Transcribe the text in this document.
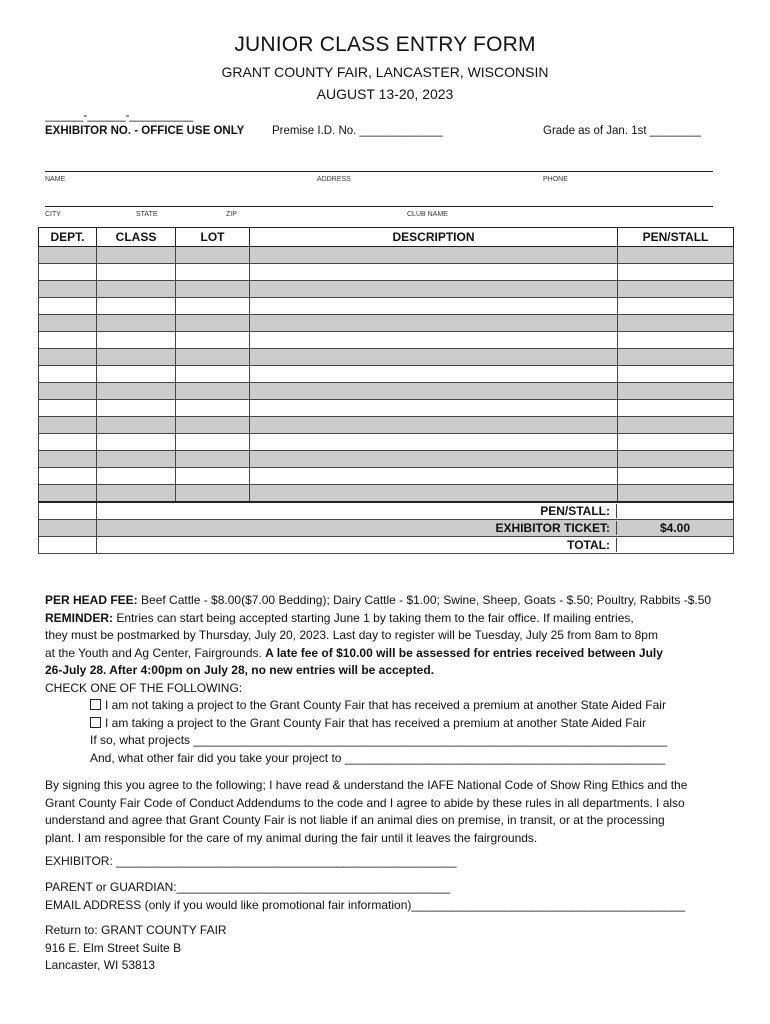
JUNIOR CLASS ENTRY FORM
GRANT COUNTY FAIR, LANCASTER, WISCONSIN
AUGUST 13-20, 2023
______-______-__________
EXHIBITOR NO. - OFFICE USE ONLY Premise I.D. No. _____________	Grade as of Jan. 1st ________
NAME	ADDRESS	PHONE
CITY	STATE	ZIP	CLUB NAME
DEPT.	CLASS	LOT	DESCRIPTION	PEN/STALL

	PEN/STALL:			

	EXHIBITOR TICKET: $4.00			

	TOTAL:			
PER HEAD FEE: Beef Cattle - $8.00($7.00 Bedding); Dairy Cattle - $1.00; Swine, Sheep, Goats - $.50; Poultry, Rabbits -$.50
REMINDER: Entries can start being accepted starting June 1 by taking them to the fair office. If mailing entries,
they must be postmarked by Thursday, July 20, 2023. Last day to register will be Tuesday, July 25 from 8am to 8pm
at the Youth and Ag Center, Fairgrounds. A late fee of $10.00 will be assessed for entries received between July
26-July 28. After 4:00pm on July 28, no new entries will be accepted.
CHECK ONE OF THE FOLLOWING:
I am not taking a project to the Grant County Fair that has received a premium at another State Aided Fair
I am taking a project to the Grant County Fair that has received a premium at another State Aided Fair
If so, what projects _______________________________________________________________________
And, what other fair did you take your project to ________________________________________________
By signing this you agree to the following; I have read & understand the IAFE National Code of Show Ring Ethics and the
Grant County Fair Code of Conduct Addendums to the code and I agree to abide by these rules in all departments. I also
understand and agree that Grant County Fair is not liable if an animal dies on premise, in transit, or at the processing
plant. I am responsible for the care of my animal during the fair until it leaves the fairgrounds.
EXHIBITOR: ___________________________________________________
PARENT or GUARDIAN:_________________________________________
EMAIL ADDRESS (only if you would like promotional fair information)_________________________________________
Return to: GRANT COUNTY FAIR
916 E. Elm Street Suite B
Lancaster, WI 53813
